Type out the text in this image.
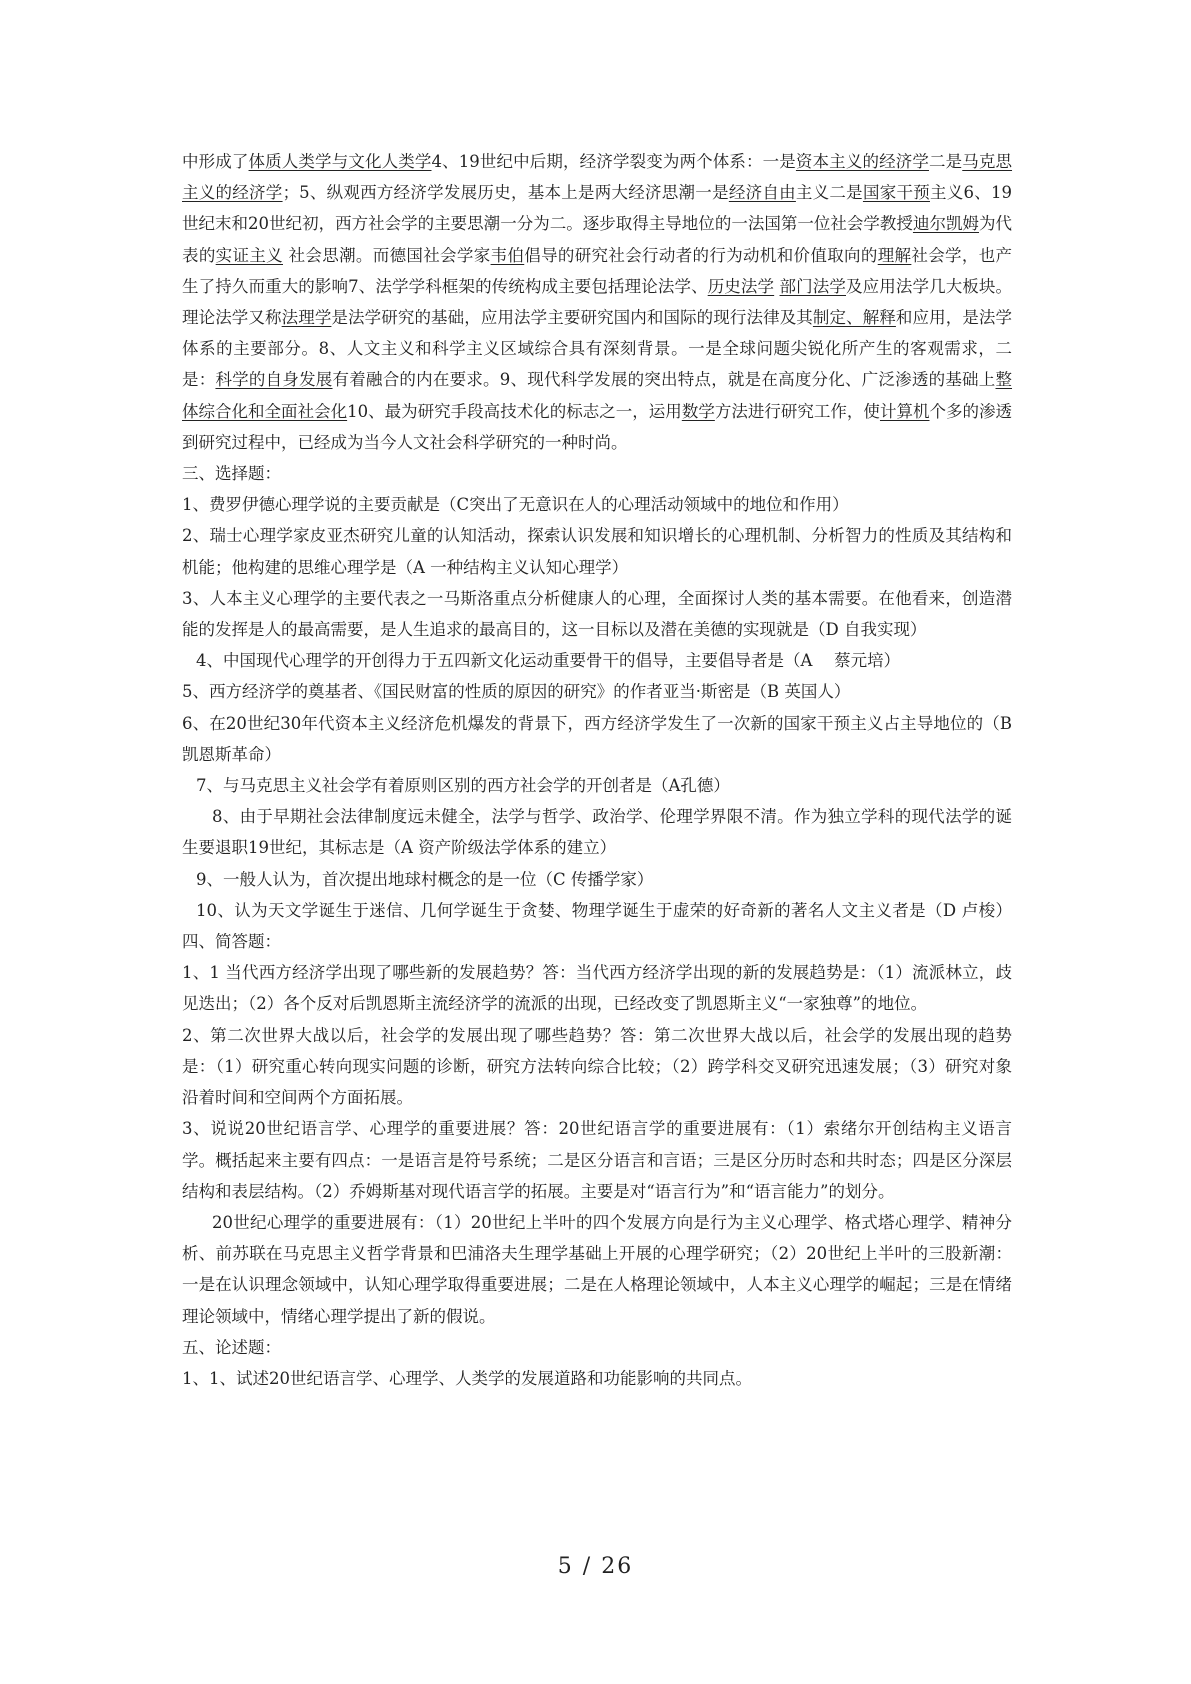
中形成了体质人类学与文化人类学4、19世纪中后期，经济学裂变为两个体系：一是资本主义的经济学二是马克思主义的经济学；5、纵观西方经济学发展历史，基本上是两大经济思潮一是经济自由主义二是国家干预主义6、19世纪末和20世纪初，西方社会学的主要思潮一分为二。逐步取得主导地位的一法国第一位社会学教授迪尔凯姆为代表的实证主义 社会思潮。而德国社会学家韦伯倡导的研究社会行动者的行为动机和价值取向的理解社会学，也产生了持久而重大的影响7、法学学科框架的传统构成主要包括理论法学、历史法学 部门法学及应用法学几大板块。理论法学又称法理学是法学研究的基础，应用法学主要研究国内和国际的现行法律及其制定、解释和应用，是法学体系的主要部分。8、人文主义和科学主义区域综合具有深刻背景。一是全球问题尖锐化所产生的客观需求，二是：科学的自身发展有着融合的内在要求。9、现代科学发展的突出特点，就是在高度分化、广泛渗透的基础上整体综合化和全面社会化10、最为研究手段高技术化的标志之一，运用数学方法进行研究工作，使计算机个多的渗透到研究过程中，已经成为当今人文社会科学研究的一种时尚。

三、选择题：

1、费罗伊德心理学说的主要贡献是（C突出了无意识在人的心理活动领域中的地位和作用）

2、瑞士心理学家皮亚杰研究儿童的认知活动，探索认识发展和知识增长的心理机制、分析智力的性质及其结构和机能；他构建的思维心理学是（A 一种结构主义认知心理学）

3、人本主义心理学的主要代表之一马斯洛重点分析健康人的心理，全面探讨人类的基本需要。在他看来，创造潜能的发挥是人的最高需要，是人生追求的最高目的，这一目标以及潜在美德的实现就是（D 自我实现）

4、中国现代心理学的开创得力于五四新文化运动重要骨干的倡导，主要倡导者是（A　 蔡元培）

5、西方经济学的奠基者、《国民财富的性质的原因的研究》的作者亚当·斯密是（B 英国人）

6、在20世纪30年代资本主义经济危机爆发的背景下，西方经济学发生了一次新的国家干预主义占主导地位的（B凯恩斯革命）

7、与马克思主义社会学有着原则区别的西方社会学的开创者是（A孔德）

8、由于早期社会法律制度远未健全，法学与哲学、政治学、伦理学界限不清。作为独立学科的现代法学的诞生要退职19世纪，其标志是（A 资产阶级法学体系的建立）

9、一般人认为，首次提出地球村概念的是一位（C 传播学家）

10、认为天文学诞生于迷信、几何学诞生于贪婪、物理学诞生于虚荣的好奇新的著名人文主义者是（D 卢梭）四、简答题：

1、1 当代西方经济学出现了哪些新的发展趋势？答：当代西方经济学出现的新的发展趋势是：（1）流派林立，歧见迭出；（2）各个反对后凯恩斯主流经济学的流派的出现，已经改变了凯恩斯主义“一家独尊”的地位。

2、第二次世界大战以后，社会学的发展出现了哪些趋势？答：第二次世界大战以后，社会学的发展出现的趋势是：（1）研究重心转向现实问题的诊断，研究方法转向综合比较；（2）跨学科交叉研究迅速发展；（3）研究对象沿着时间和空间两个方面拓展。

3、说说20世纪语言学、心理学的重要进展？答：20世纪语言学的重要进展有：（1）索绪尔开创结构主义语言学。概括起来主要有四点：一是语言是符号系统；二是区分语言和言语；三是区分历时态和共时态；四是区分深层结构和表层结构。（2）乔姆斯基对现代语言学的拓展。主要是对“语言行为”和“语言能力”的划分。

20世纪心理学的重要进展有：（1）20世纪上半叶的四个发展方向是行为主义心理学、格式塔心理学、精神分析、前苏联在马克思主义哲学背景和巴浦洛夫生理学基础上开展的心理学研究；（2）20世纪上半叶的三股新潮：一是在认识理念领域中，认知心理学取得重要进展；二是在人格理论领域中，人本主义心理学的崛起；三是在情绪理论领域中，情绪心理学提出了新的假说。

五、论述题：

1、1、试述20世纪语言学、心理学、人类学的发展道路和功能影响的共同点。

5 / 26
